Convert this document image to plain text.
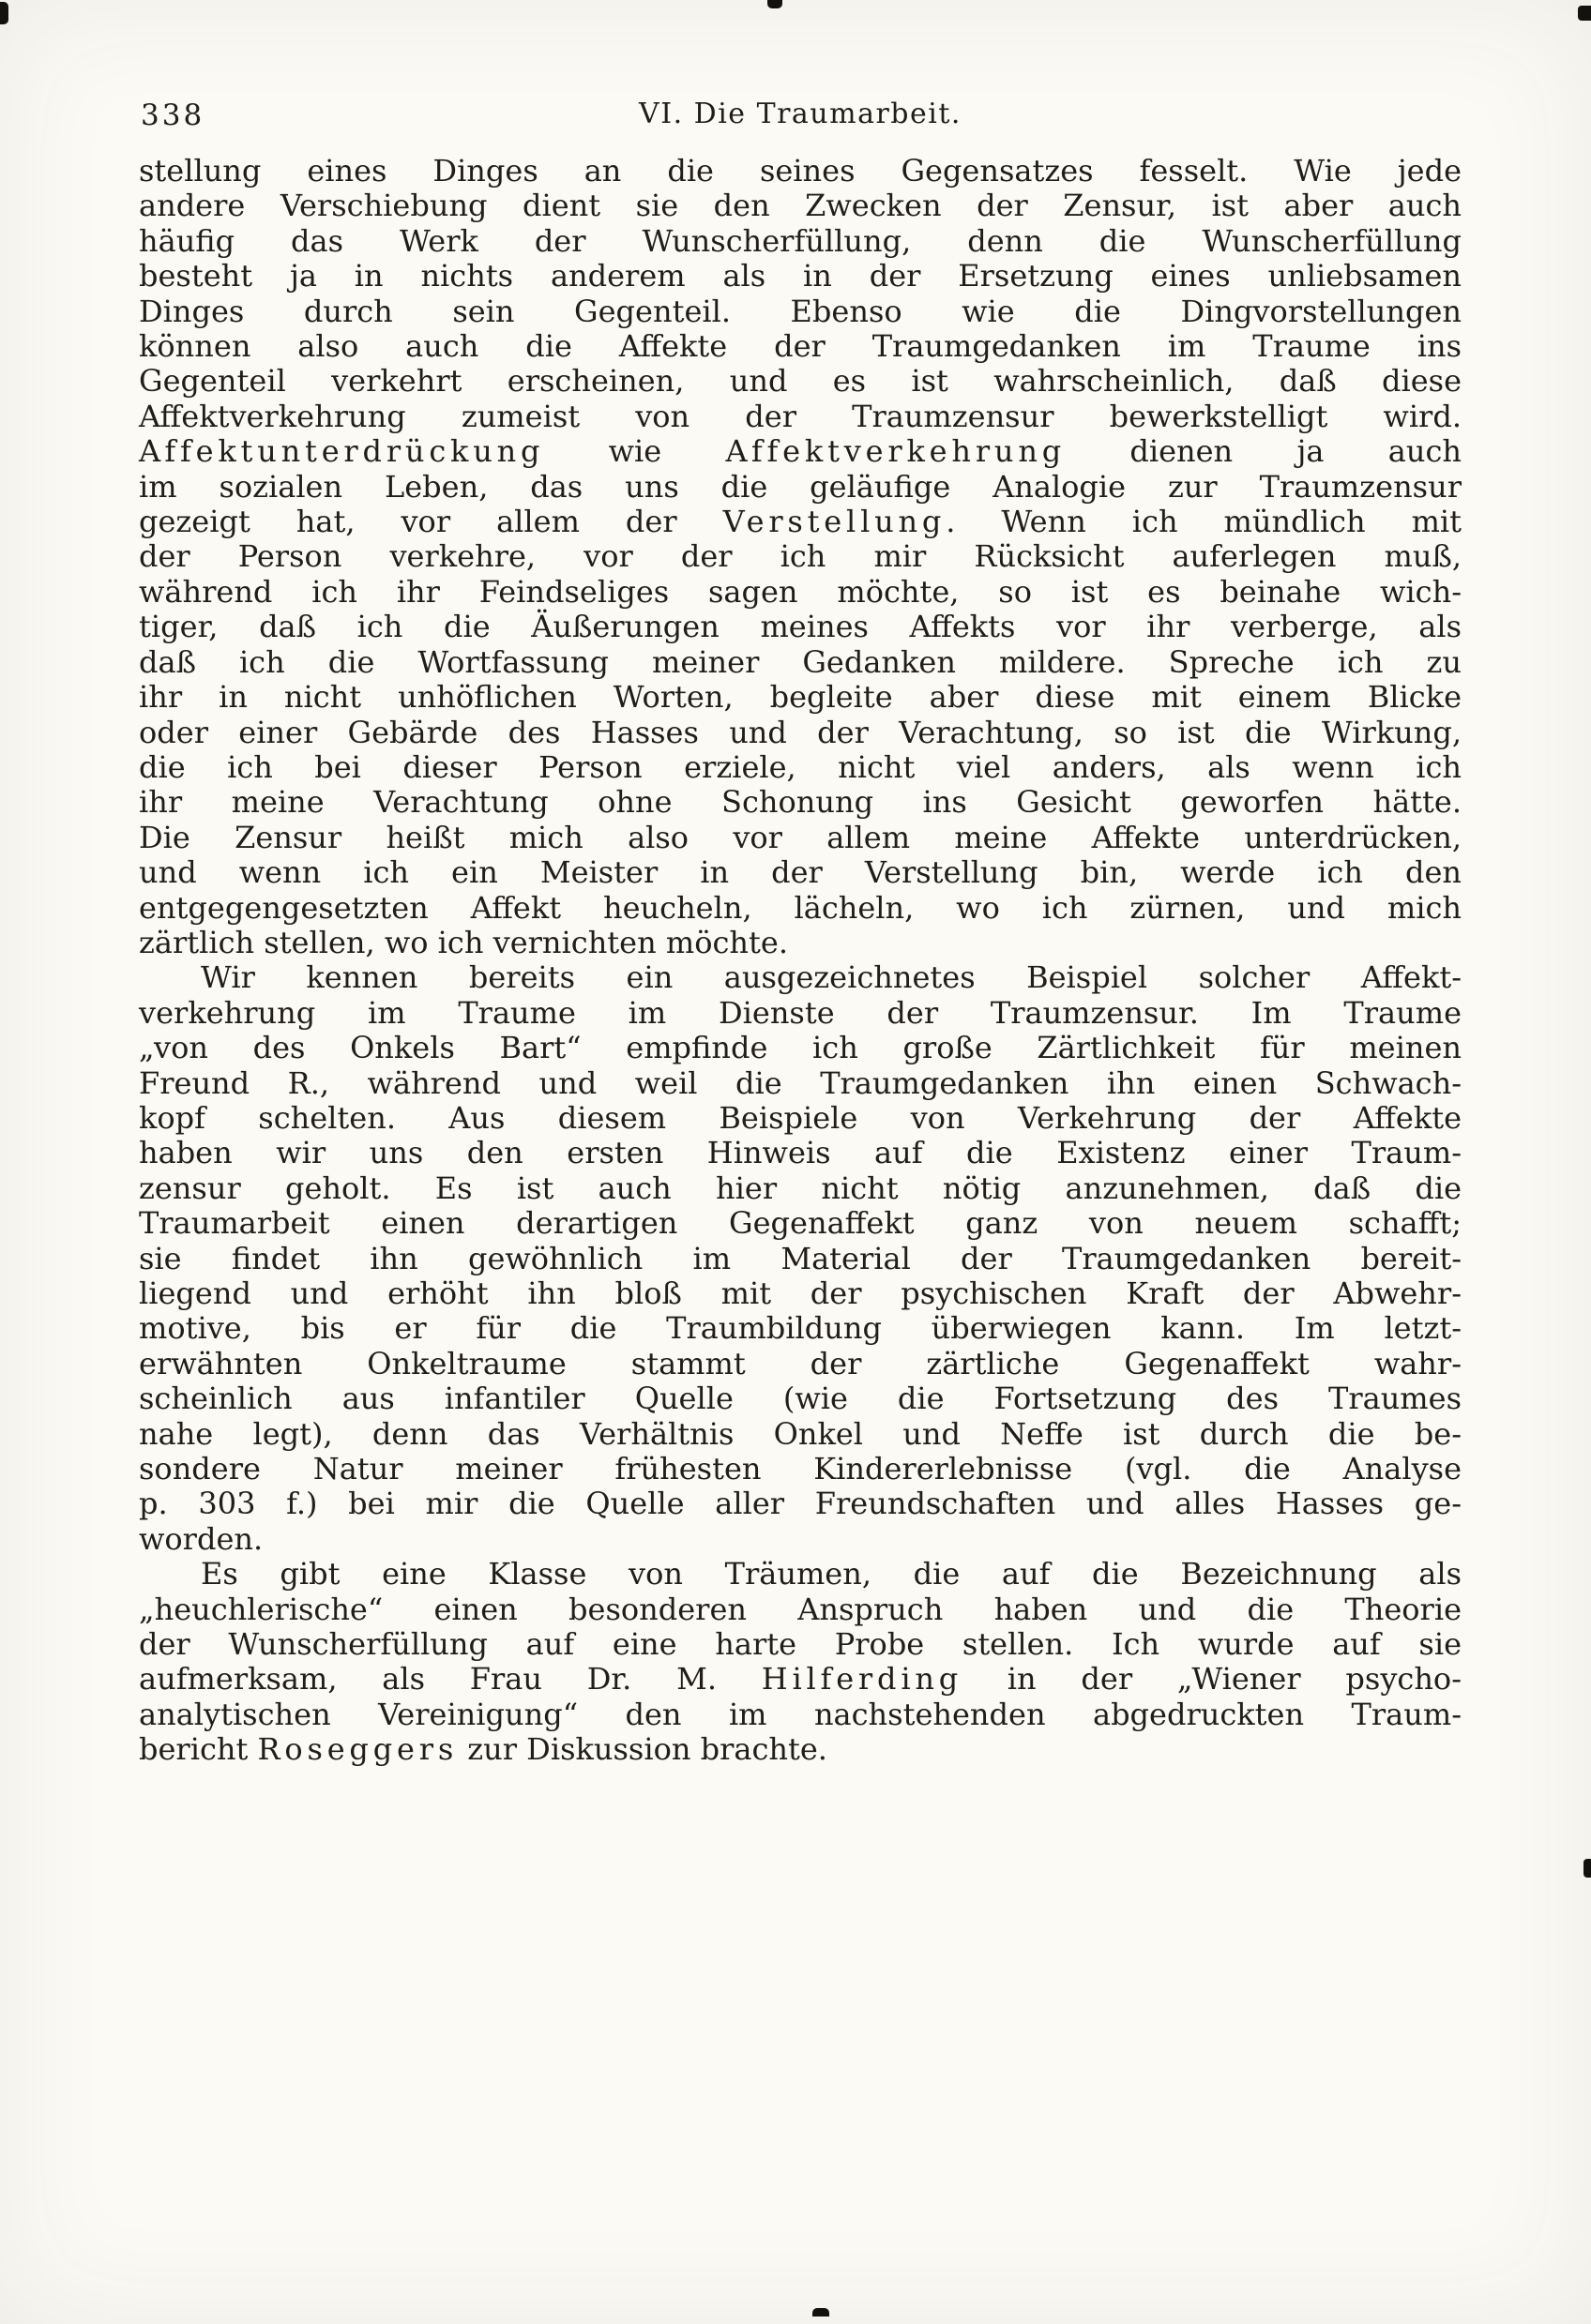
338	VI. Die Traumarbeit.
stellung eines Dinges an die seines Gegensatzes fesselt. Wie jede
andere Verschiebung dient sie den Zwecken der Zensur, ist aber auch
häufig das Werk der Wunscherfüllung, denn die Wunscherfüllung
besteht ja in nichts anderem als in der Ersetzung eines unliebsamen
Dinges durch sein Gegenteil. Ebenso wie die Dingvorstellungen
können also auch die Affekte der Traumgedanken im Traume ins
Gegenteil verkehrt erscheinen, und es ist wahrscheinlich, daß diese
Affektverkehrung zumeist von der Traumzensur bewerkstelligt wird.
Affektunterdrückung wie Affektverkehrung dienen ja auch
im sozialen Leben, das uns die geläufige Analogie zur Traumzensur
gezeigt hat, vor allem der Verstellung. Wenn ich mündlich mit
der Person verkehre, vor der ich mir Rücksicht auferlegen muß,
während ich ihr Feindseliges sagen möchte, so ist es beinahe wich-
tiger, daß ich die Äußerungen meines Affekts vor ihr verberge, als
daß ich die Wortfassung meiner Gedanken mildere. Spreche ich zu
ihr in nicht unhöflichen Worten, begleite aber diese mit einem Blicke
oder einer Gebärde des Hasses und der Verachtung, so ist die Wirkung,
die ich bei dieser Person erziele, nicht viel anders, als wenn ich
ihr meine Verachtung ohne Schonung ins Gesicht geworfen hätte.
Die Zensur heißt mich also vor allem meine Affekte unterdrücken,
und wenn ich ein Meister in der Verstellung bin, werde ich den
entgegengesetzten Affekt heucheln, lächeln, wo ich zürnen, und mich
zärtlich stellen, wo ich vernichten möchte.
Wir kennen bereits ein ausgezeichnetes Beispiel solcher Affekt-
verkehrung im Traume im Dienste der Traumzensur. Im Traume
„von des Onkels Bart“ empfinde ich große Zärtlichkeit für meinen
Freund R., während und weil die Traumgedanken ihn einen Schwach-
kopf schelten. Aus diesem Beispiele von Verkehrung der Affekte
haben wir uns den ersten Hinweis auf die Existenz einer Traum-
zensur geholt. Es ist auch hier nicht nötig anzunehmen, daß die
Traumarbeit einen derartigen Gegenaffekt ganz von neuem schafft;
sie findet ihn gewöhnlich im Material der Traumgedanken bereit-
liegend und erhöht ihn bloß mit der psychischen Kraft der Abwehr-
motive, bis er für die Traumbildung überwiegen kann. Im letzt-
erwähnten Onkeltraume stammt der zärtliche Gegenaffekt wahr-
scheinlich aus infantiler Quelle (wie die Fortsetzung des Traumes
nahe legt), denn das Verhältnis Onkel und Neffe ist durch die be-
sondere Natur meiner frühesten Kindererlebnisse (vgl. die Analyse
p. 303 f.) bei mir die Quelle aller Freundschaften und alles Hasses ge-
worden.
Es gibt eine Klasse von Träumen, die auf die Bezeichnung als
„heuchlerische“ einen besonderen Anspruch haben und die Theorie
der Wunscherfüllung auf eine harte Probe stellen. Ich wurde auf sie
aufmerksam, als Frau Dr. M. Hilferding in der „Wiener psycho-
analytischen Vereinigung“ den im nachstehenden abgedruckten Traum-
bericht Roseggers zur Diskussion brachte.
